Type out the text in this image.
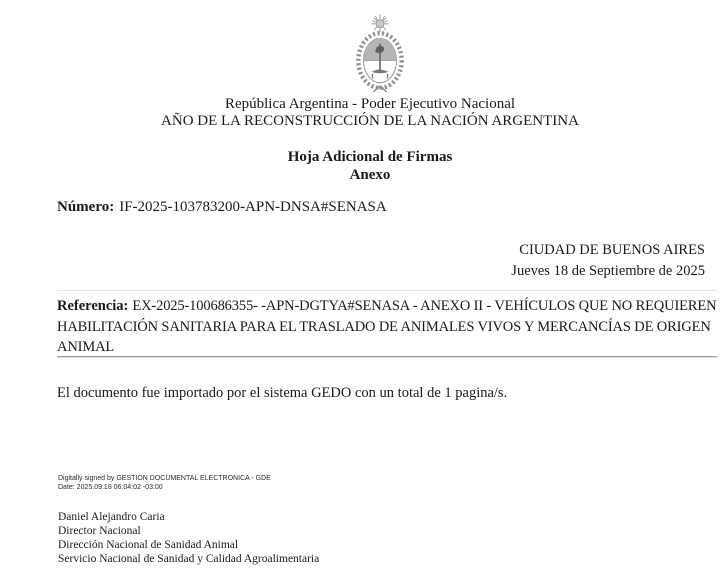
República Argentina - Poder Ejecutivo Nacional
AÑO DE LA RECONSTRUCCIÓN DE LA NACIÓN ARGENTINA
Hoja Adicional de Firmas
Anexo

Número: IF-2025-103783200-APN-DNSA#SENASA

CIUDAD DE BUENOS AIRES
Jueves 18 de Septiembre de 2025

Referencia: EX-2025-100686355- -APN-DGTYA#SENASA - ANEXO II - VEHÍCULOS QUE NO REQUIEREN HABILITACIÓN SANITARIA PARA EL TRASLADO DE ANIMALES VIVOS Y MERCANCÍAS DE ORIGEN ANIMAL

El documento fue importado por el sistema GEDO con un total de 1 pagina/s.

Digitally signed by GESTION DOCUMENTAL ELECTRONICA - GDE
Date: 2025.09.18 06:04:02 -03:00
Daniel Alejandro Caria
Director Nacional
Dirección Nacional de Sanidad Animal
Servicio Nacional de Sanidad y Calidad Agroalimentaria
